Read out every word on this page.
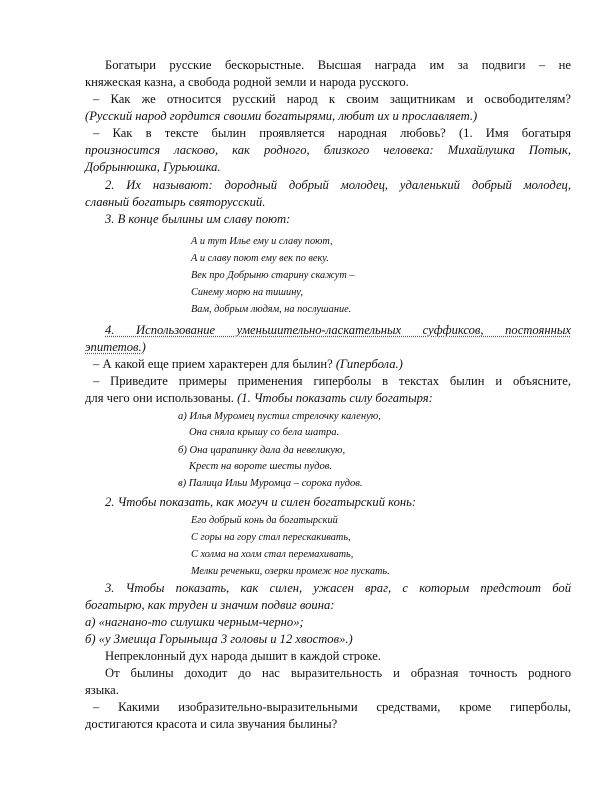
Богатыри русские бескорыстные. Высшая награда им за подвиги – не

княжеская казна, а свобода родной земли и народа русского.

– Как же относится русский народ к своим защитникам и освободителям?

(Русский народ гордится своими богатырями, любит их и прославляет.)

– Как в тексте былин проявляется народная любовь? (1. Имя богатыря

произносится ласково, как родного, близкого человека: Михайлушка Потык,

Добрынюшка, Гурьюшка.

2. Их называют: дородный добрый молодец, удаленький добрый молодец,

славный богатырь святорусский.

3. В конце былины им славу поют:

А и тут Илье ему и славу поют,

А и славу поют ему век по веку.

Век про Добрыню старину скажут –

Синему морю на тишину,

Вам, добрым людям, на послушание.

4. Использование уменьшительно-ласкательных суффиксов, постоянных

эпитетов.)

– А какой еще прием характерен для былин? (Гипербола.)

– Приведите примеры применения гиперболы в текстах былин и объясните,

для чего они использованы. (1. Чтобы показать силу богатыря:

а) Илья Муромец пустил стрелочку каленую,

Она сняла крышу со бела шатра.

б) Она царапинку дала да невеликую,

Крест на вороте шесты пудов.

в) Палица Ильи Муромца – сорока пудов.

2. Чтобы показать, как могуч и силен богатырский конь:

Его добрый конь да богатырский

С горы на гору стал перескакивать,

С холма на холм стал перемахивать,

Мелки реченьки, озерки промеж ног пускать.

3. Чтобы показать, как силен, ужасен враг, с которым предстоит бой

богатырю, как труден и значим подвиг воина:

а) «нагнано-то силушки черным-черно»;

б) «у Змеища Горыныща 3 головы и 12 хвостов».)

Непреклонный дух народа дышит в каждой строке.

От былины доходит до нас выразительность и образная точность родного

языка.

– Какими изобразительно-выразительными средствами, кроме гиперболы,

достигаются красота и сила звучания былины?
